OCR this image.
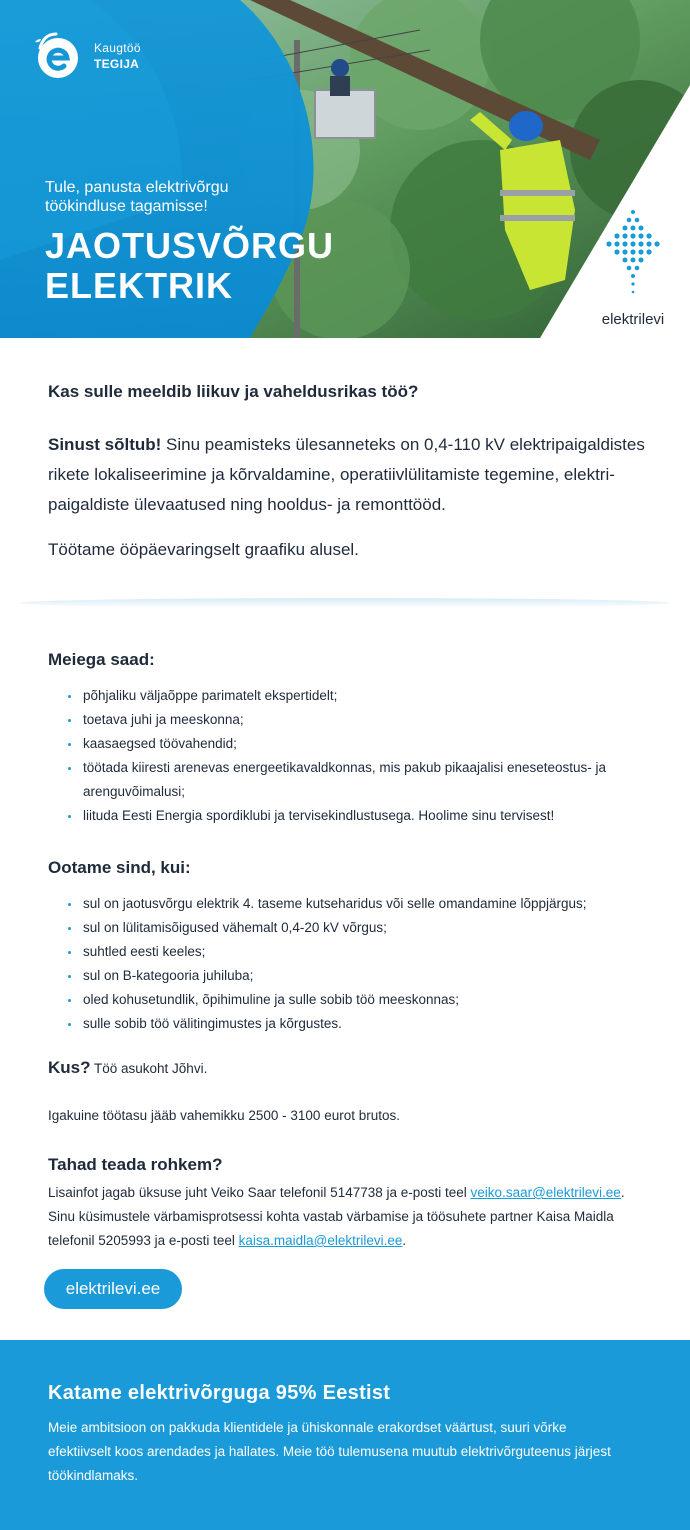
Kaugtöö
TEGIJA
Tule, panusta elektrivõrgu töökindluse tagamisse!
JAOTUSVÕRGU
ELEKTRIK
elektrilevi
Kas sulle meeldib liikuv ja vaheldusrikas töö?
Sinust sõltub! Sinu peamisteks ülesanneteks on 0,4-110 kV elektripaigaldistes rikete lokaliseerimine ja kõrvaldamine, operatiivlülitamiste tegemine, elektri-paigaldiste ülevaatused ning hooldus- ja remonttööd.
Töötame ööpäevaringselt graafiku alusel.
Meiega saad:
põhjaliku väljaõppe parimatelt ekspertidelt;
toetava juhi ja meeskonna;
kaasaegsed töövahendid;
töötada kiiresti arenevas energeetikavaldkonnas, mis pakub pikaajalisi eneseteostus- ja arenguvõimalusi;
liituda Eesti Energia spordiklubi ja tervisekindlustusega. Hoolime sinu tervisest!
Ootame sind, kui:
sul on jaotusvõrgu elektrik 4. taseme kutseharidus või selle omandamine lõppjärgus;
sul on lülitamisõigused vähemalt 0,4-20 kV võrgus;
suhtled eesti keeles;
sul on B-kategooria juhiluba;
oled kohusetundlik, õpihimuline ja sulle sobib töö meeskonnas;
sulle sobib töö välitingimustes ja kõrgustes.
Kus? Töö asukoht Jõhvi.
Igakuine töötasu jääb vahemikku 2500 - 3100 eurot brutos.
Tahad teada rohkem?
Lisainfot jagab üksuse juht Veiko Saar telefonil 5147738 ja e-posti teel veiko.saar@elektrilevi.ee. Sinu küsimustele värbamisprotsessi kohta vastab värbamise ja töösuhete partner Kaisa Maidla telefonil 5205993 ja e-posti teel kaisa.maidla@elektrilevi.ee.
elektrilevi.ee
Katame elektrivõrguga 95% Eestist

Meie ambitsioon on pakkuda klientidele ja ühiskonnale erakordset väärtust, suuri võrke efektiivselt koos arendades ja hallates. Meie töö tulemusena muutub elektrivõrguteenus järjest töökindlamaks.
